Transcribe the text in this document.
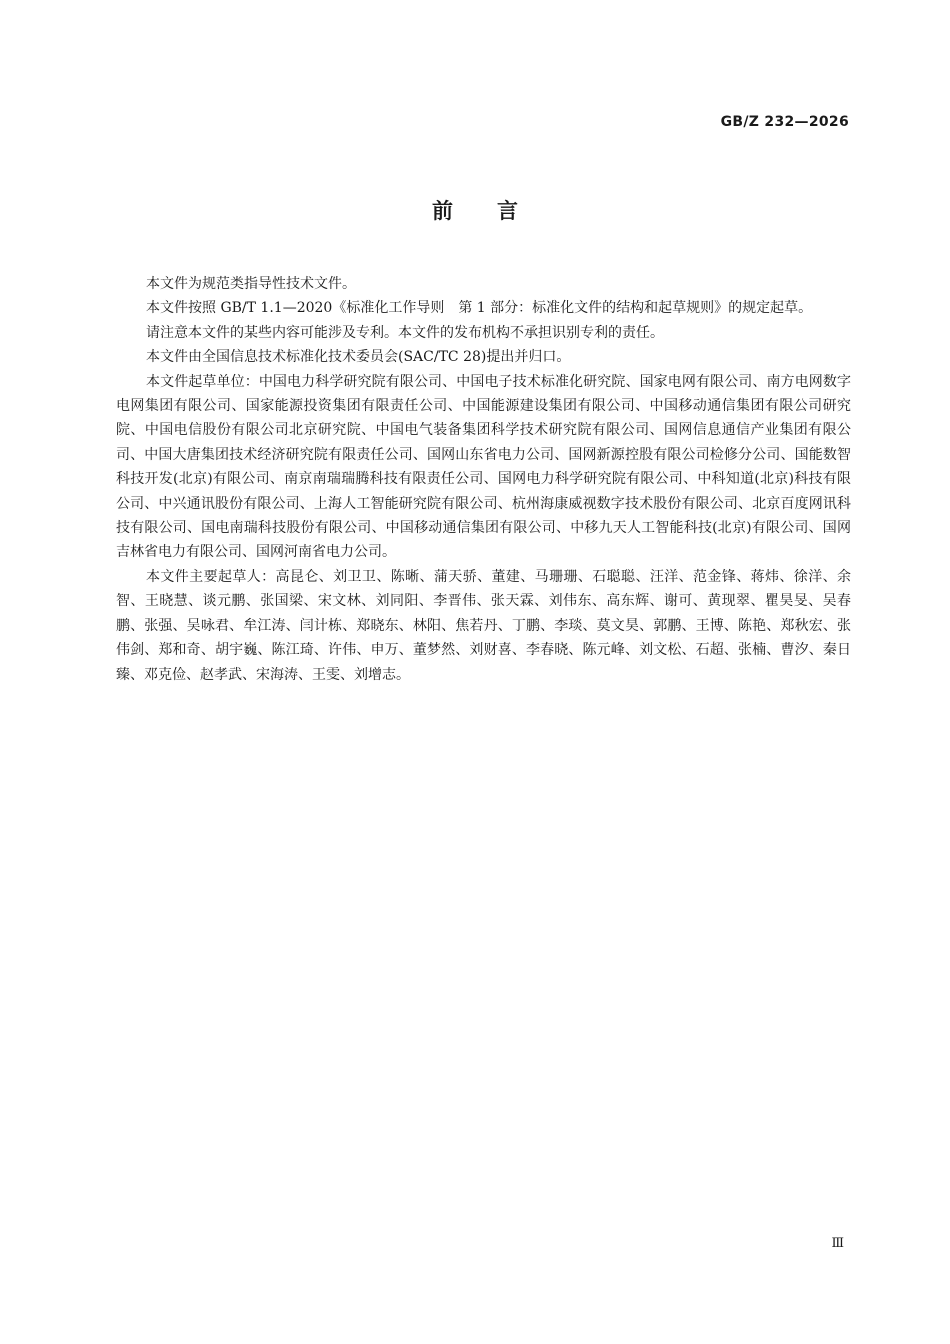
GB/Z 232—2026
前 言

本文件为规范类指导性技术文件。

本文件按照 GB/T 1.1—2020《标准化工作导则　第 1 部分：标准化文件的结构和起草规则》的规定起草。

请注意本文件的某些内容可能涉及专利。本文件的发布机构不承担识别专利的责任。

本文件由全国信息技术标准化技术委员会(SAC/TC 28)提出并归口。

本文件起草单位：中国电力科学研究院有限公司、中国电子技术标准化研究院、国家电网有限公司、南方电网数字电网集团有限公司、国家能源投资集团有限责任公司、中国能源建设集团有限公司、中国移动通信集团有限公司研究院、中国电信股份有限公司北京研究院、中国电气装备集团科学技术研究院有限公司、国网信息通信产业集团有限公司、中国大唐集团技术经济研究院有限责任公司、国网山东省电力公司、国网新源控股有限公司检修分公司、国能数智科技开发(北京)有限公司、南京南瑞瑞腾科技有限责任公司、国网电力科学研究院有限公司、中科知道(北京)科技有限公司、中兴通讯股份有限公司、上海人工智能研究院有限公司、杭州海康威视数字技术股份有限公司、北京百度网讯科技有限公司、国电南瑞科技股份有限公司、中国移动通信集团有限公司、中移九天人工智能科技(北京)有限公司、国网吉林省电力有限公司、国网河南省电力公司。

本文件主要起草人：高昆仑、刘卫卫、陈晰、蒲天骄、董建、马珊珊、石聪聪、汪洋、范金锋、蒋炜、徐洋、余智、王晓慧、谈元鹏、张国梁、宋文林、刘同阳、李晋伟、张天霖、刘伟东、高东辉、谢可、黄现翠、瞿昊旻、吴春鹏、张强、吴咏君、牟江涛、闫计栋、郑晓东、林阳、焦若丹、丁鹏、李琰、莫文昊、郭鹏、王博、陈艳、郑秋宏、张伟剑、郑和奇、胡宇巍、陈江琦、许伟、申万、董梦然、刘财喜、李春晓、陈元峰、刘文松、石超、张楠、曹汐、秦日臻、邓克俭、赵孝武、宋海涛、王雯、刘增志。

Ⅲ
